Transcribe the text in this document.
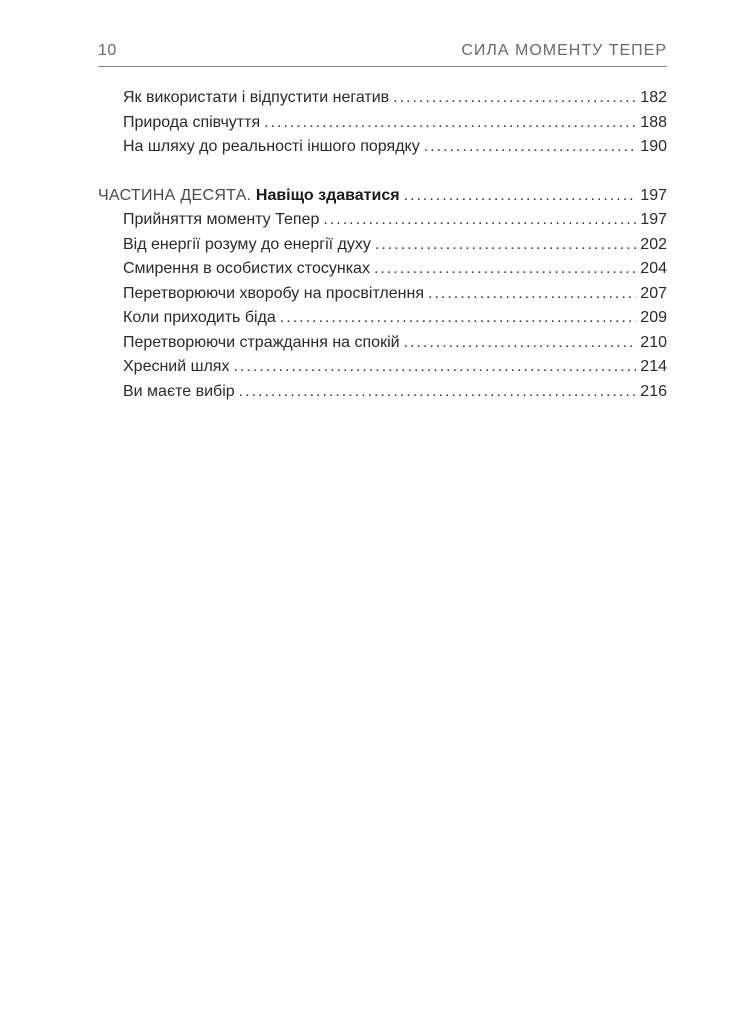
10	СИЛА МОМЕНТУ ТЕПЕР
Як використати і відпустити негатив .....	182
Природа співчуття .....	188
На шляху до реальності іншого порядку .....	190
ЧАСТИНА ДЕСЯТА. Навіщо здаватися .....	197
Прийняття моменту Тепер .....	197
Від енергії розуму до енергії духу .....	202
Смирення в особистих стосунках .....	204
Перетворюючи хворобу на просвітлення .....	207
Коли приходить біда .....	209
Перетворюючи страждання на спокій .....	210
Хресний шлях .....	214
Ви маєте вибір .....	216
